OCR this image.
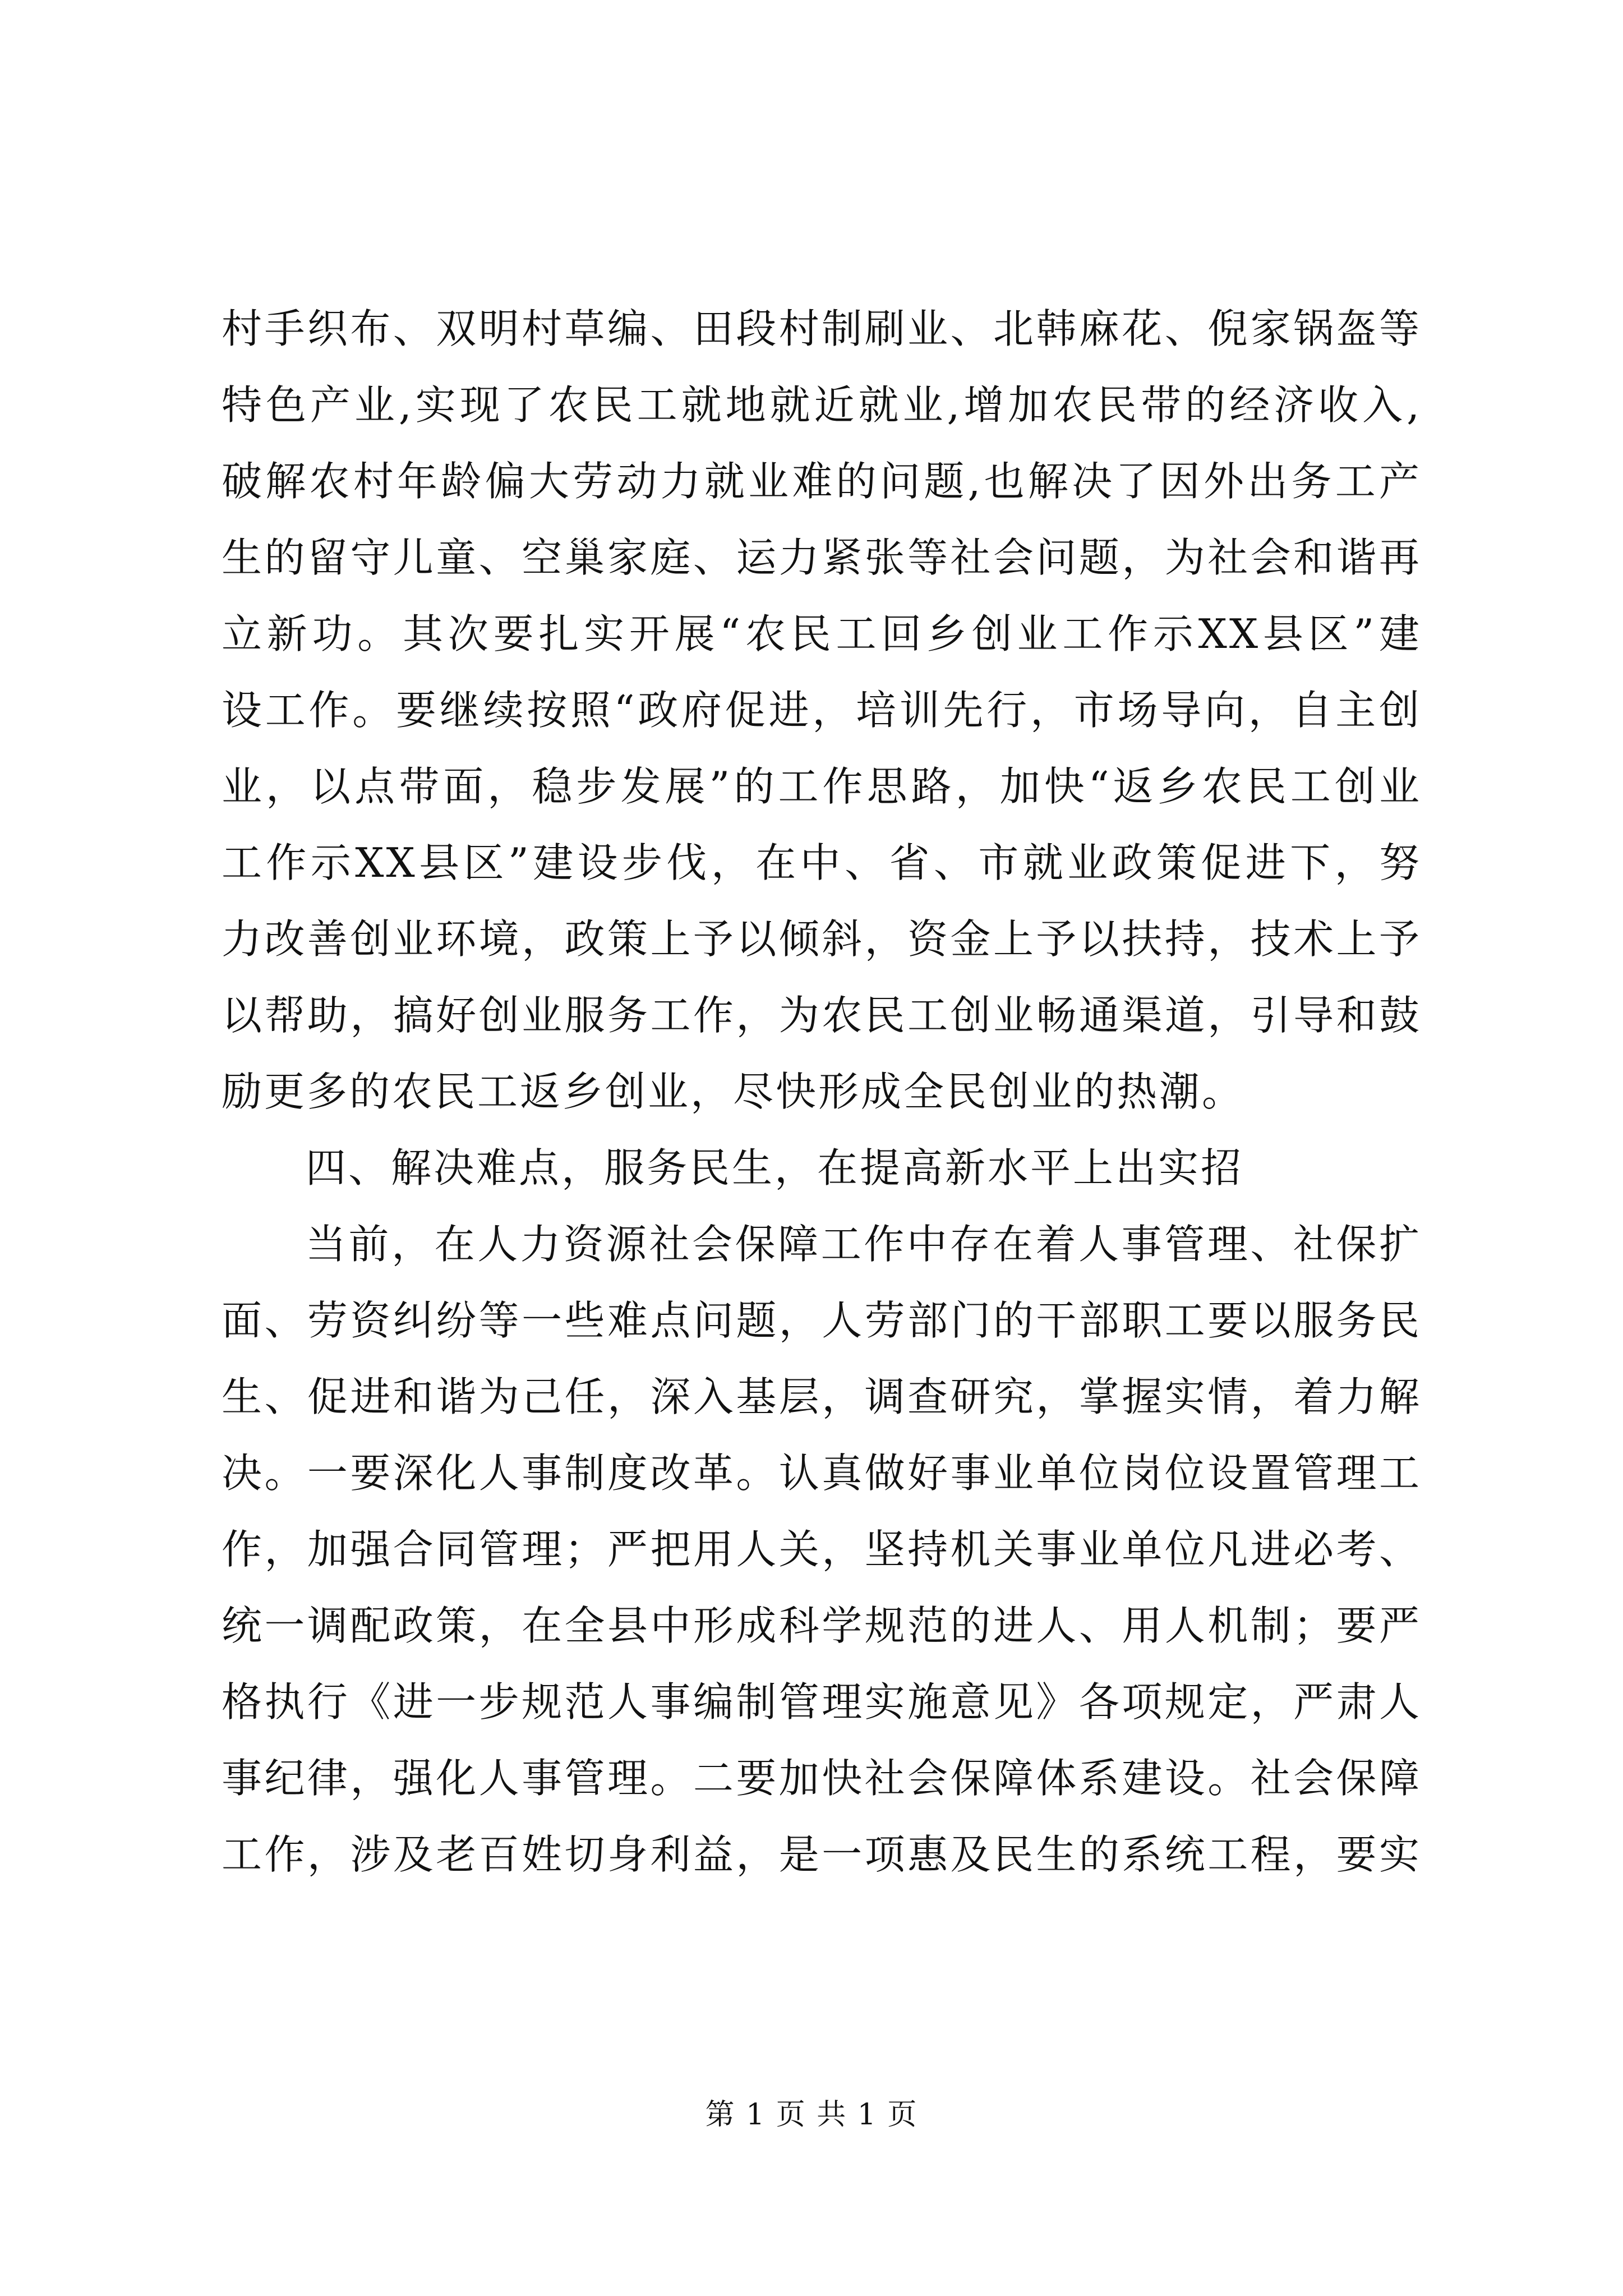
村手织布、双明村草编、田段村制刷业、北韩麻花、倪家锅盔等
特色产业,实现了农民工就地就近就业,增加农民带的经济收入,
破解农村年龄偏大劳动力就业难的问题,也解决了因外出务工产
生的留守儿童、空巢家庭、运力紧张等社会问题，为社会和谐再
立新功。其次要扎实开展“农民工回乡创业工作示XX县区”建
设工作。要继续按照“政府促进，培训先行，市场导向，自主创
业，以点带面，稳步发展”的工作思路，加快“返乡农民工创业
工作示XX县区”建设步伐，在中、省、市就业政策促进下，努
力改善创业环境，政策上予以倾斜，资金上予以扶持，技术上予
以帮助，搞好创业服务工作，为农民工创业畅通渠道，引导和鼓
励更多的农民工返乡创业，尽快形成全民创业的热潮。
四、解决难点，服务民生，在提高新水平上出实招
当前，在人力资源社会保障工作中存在着人事管理、社保扩
面、劳资纠纷等一些难点问题，人劳部门的干部职工要以服务民
生、促进和谐为己任，深入基层，调查研究，掌握实情，着力解
决。一要深化人事制度改革。认真做好事业单位岗位设置管理工
作，加强合同管理；严把用人关，坚持机关事业单位凡进必考、
统一调配政策，在全县中形成科学规范的进人、用人机制；要严
格执行《进一步规范人事编制管理实施意见》各项规定，严肃人
事纪律，强化人事管理。二要加快社会保障体系建设。社会保障
工作，涉及老百姓切身利益，是一项惠及民生的系统工程，要实
第 1 页 共 1 页
